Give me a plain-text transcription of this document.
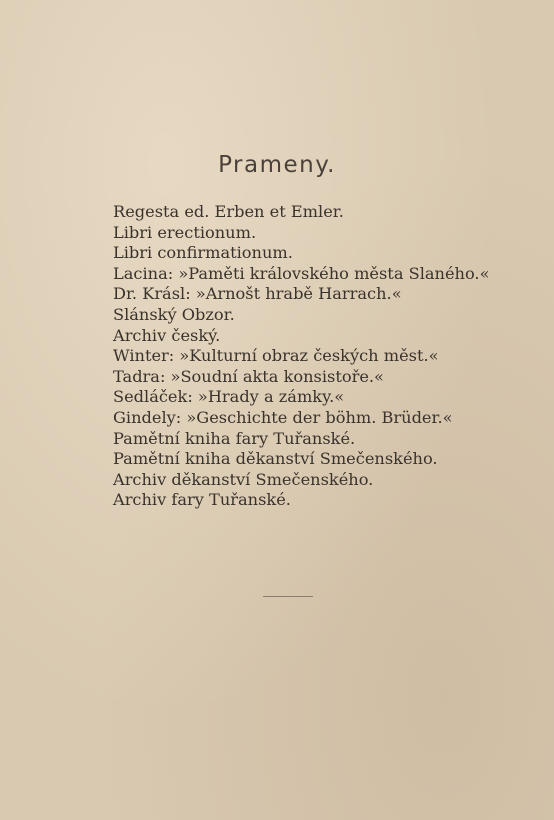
Prameny.
Regesta ed. Erben et Emler.
Libri erectionum.
Libri confirmationum.
Lacina: »Paměti královského města Slaného.«
Dr. Krásl: »Arnošt hrabě Harrach.«
Slánský Obzor.
Archiv český.
Winter: »Kulturní obraz českých měst.«
Tadra: »Soudní akta konsistoře.«
Sedláček: »Hrady a zámky.«
Gindely: »Geschichte der böhm. Brüder.«
Pamětní kniha fary Tuřanské.
Pamětní kniha děkanství Smečenského.
Archiv děkanství Smečenského.
Archiv fary Tuřanské.
